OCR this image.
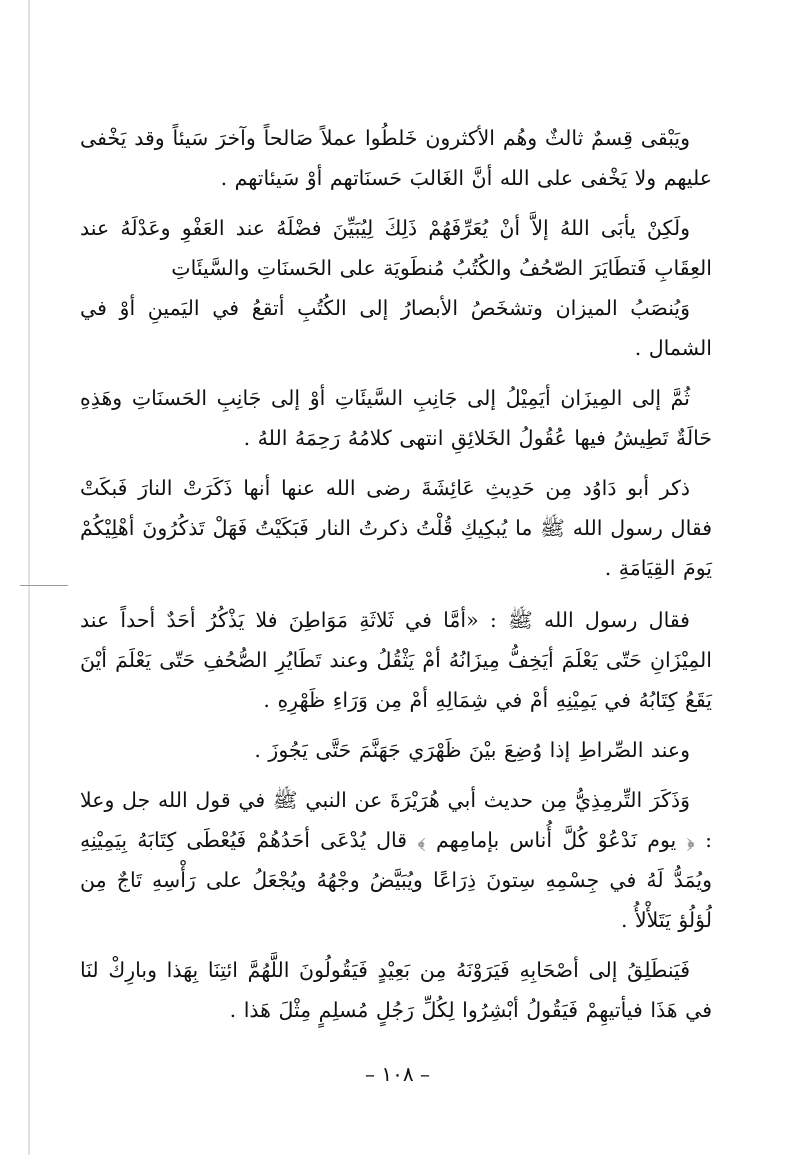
ويَبْقى قِسمٌ ثالثٌ وهُم الأكثرون خَلطُوا عملاً صَالحاً وآخرَ سَيئاً وقد يَخْفى عليهم ولا يَخْفى على الله أنَّ الغَالبَ حَسنَاتهم أوْ سَيئاتهم .

ولَكِنْ يأبَى اللهُ إلاَّ أنْ يُعَرِّفَهُمْ ذَلِكَ لِيُبَيِّنَ فضْلَهُ عند العَفْوِ وعَدْلَهُ عند العِقَابِ فَتطَايَرَ الصّحُفُ والكُتُبُ مُنطَويَة على الحَسنَاتِ والسَّيئَاتِ

وَيُنصَبُ الميزان وتشخَصُ الأبصارُ إلى الكُتُبِ أتقعُ في اليَمينِ أوْ في الشمال .

ثُمَّ إلى المِيزَان أيَمِيْلُ إلى جَانِبِ السَّيئَاتِ أوْ إلى جَانِبِ الحَسنَاتِ وهَذِهِ حَالَةٌ تَطِيشُ فيها عُقُولُ الخَلائِقِ انتهى كلامُهُ رَحِمَهُ اللهُ .

ذكر أبو دَاوُد مِن حَدِيثِ عَائِشَةَ رضى الله عنها أنها ذَكَرَتْ النارَ فَبكَتْ فقال رسول الله ﷺ ما يُبكِيكِ قُلْتُ ذكرتُ النار فَبَكَيْتُ فَهَلْ تَذكُرُونَ أهْلِيْكُمْ يَومَ القِيَامَةِ .

فقال رسول الله ﷺ : «أمَّا في ثَلاثَةِ مَوَاطِنَ فلا يَذْكُرُ أحَدٌ أحداً عند المِيْزَانِ حَتّى يَعْلَمَ أيَخِفُّ مِيزَانُهُ أمْ يَثْقُلُ وعند تَطَايُرِ الصُّحُفِ حَتّى يَعْلَمَ أيْنَ يَقَعُ كِتَابُهُ في يَمِيْنِهِ أمْ في شِمَالِهِ أمْ مِن وَرَاءِ ظَهْرِهِ .

وعند الصِّراطِ إذا وُضِعَ بيْنَ ظَهْرَي جَهَنَّمَ حَتَّى يَجُوزَ .

وَذَكَرَ التِّرمِذِيُّ مِن حديث أبي هُرَيْرَةَ عن النبي ﷺ في قول الله جل وعلا : ﴿ يوم نَدْعُوْ كُلَّ أُناس بإمامِهم ﴾ قال يُدْعَى أحَدُهُمْ فَيُعْطَى كِتَابَهُ بِيَمِيْنِهِ ويُمَدُّ لَهُ في جِسْمِهِ سِتونَ ذِرَاعًا ويُبَيَّضُ وجْهُهُ ويُجْعَلُ على رَأْسِهِ تَاجٌ مِن لُؤلُؤ يَتَلأْلأُ .

فَيَنطَلِقُ إلى أصْحَابِهِ فَيَرَوْنَهُ مِن بَعِيْدٍ فَيَقُولُونَ اللَّهُمَّ ائتِنَا بِهَذا وبارِكْ لنَا في هَذَا فيأتيهِمْ فَيَقُولُ أبْشِرُوا لِكُلِّ رَجُلٍ مُسلِمٍ مِثْلَ هَذا .

– ١٠٨ –
